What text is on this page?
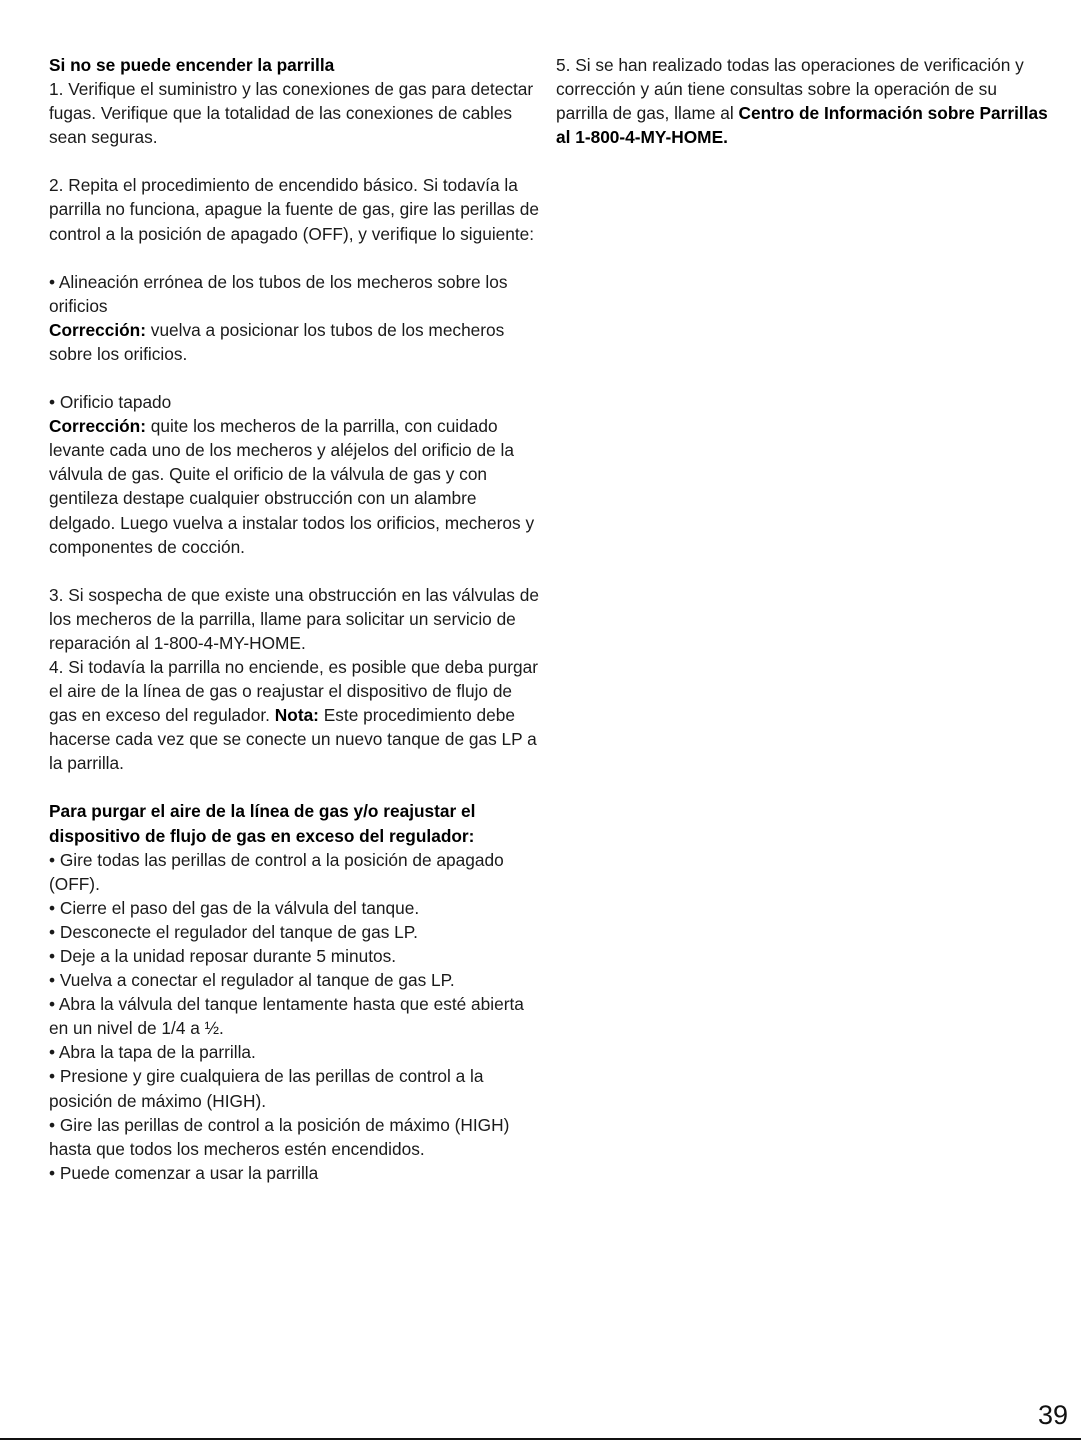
Si no se puede encender la parrilla

1. Verifique el suministro y las conexiones de gas para detectar fugas. Verifique que la totalidad de las conexiones de cables sean seguras.

2. Repita el procedimiento de encendido básico. Si todavía la parrilla no funciona, apague la fuente de gas, gire las perillas de control a la posición de apagado (OFF), y verifique lo siguiente:

• Alineación errónea de los tubos de los mecheros sobre los orificios

Corrección: vuelva a posicionar los tubos de los mecheros sobre los orificios.

• Orificio tapado

Corrección: quite los mecheros de la parrilla, con cuidado levante cada uno de los mecheros y aléjelos del orificio de la válvula de gas. Quite el orificio de la válvula de gas y con gentileza destape cualquier obstrucción con un alambre delgado. Luego vuelva a instalar todos los orificios, mecheros y componentes de cocción.

3. Si sospecha de que existe una obstrucción en las válvulas de los mecheros de la parrilla, llame para solicitar un servicio de reparación al 1-800-4-MY-HOME.

4. Si todavía la parrilla no enciende, es posible que deba purgar el aire de la línea de gas o reajustar el dispositivo de flujo de gas en exceso del regulador. Nota: Este procedimiento debe hacerse cada vez que se conecte un nuevo tanque de gas LP a la parrilla.

Para purgar el aire de la línea de gas y/o reajustar el dispositivo de flujo de gas en exceso del regulador:

• Gire todas las perillas de control a la posición de apagado (OFF).

• Cierre el paso del gas de la válvula del tanque.

• Desconecte el regulador del tanque de gas LP.

• Deje a la unidad reposar durante 5 minutos.

• Vuelva a conectar el regulador al tanque de gas LP.

• Abra la válvula del tanque lentamente hasta que esté abierta en un nivel de 1/4 a ½.

• Abra la tapa de la parrilla.

• Presione y gire cualquiera de las perillas de control a la posición de máximo (HIGH).

• Gire las perillas de control a la posición de máximo (HIGH) hasta que todos los mecheros estén encendidos.

• Puede comenzar a usar la parrilla

5. Si se han realizado todas las operaciones de verificación y corrección y aún tiene consultas sobre la operación de su parrilla de gas, llame al Centro de Información sobre Parrillas al 1-800-4-MY-HOME.

39
